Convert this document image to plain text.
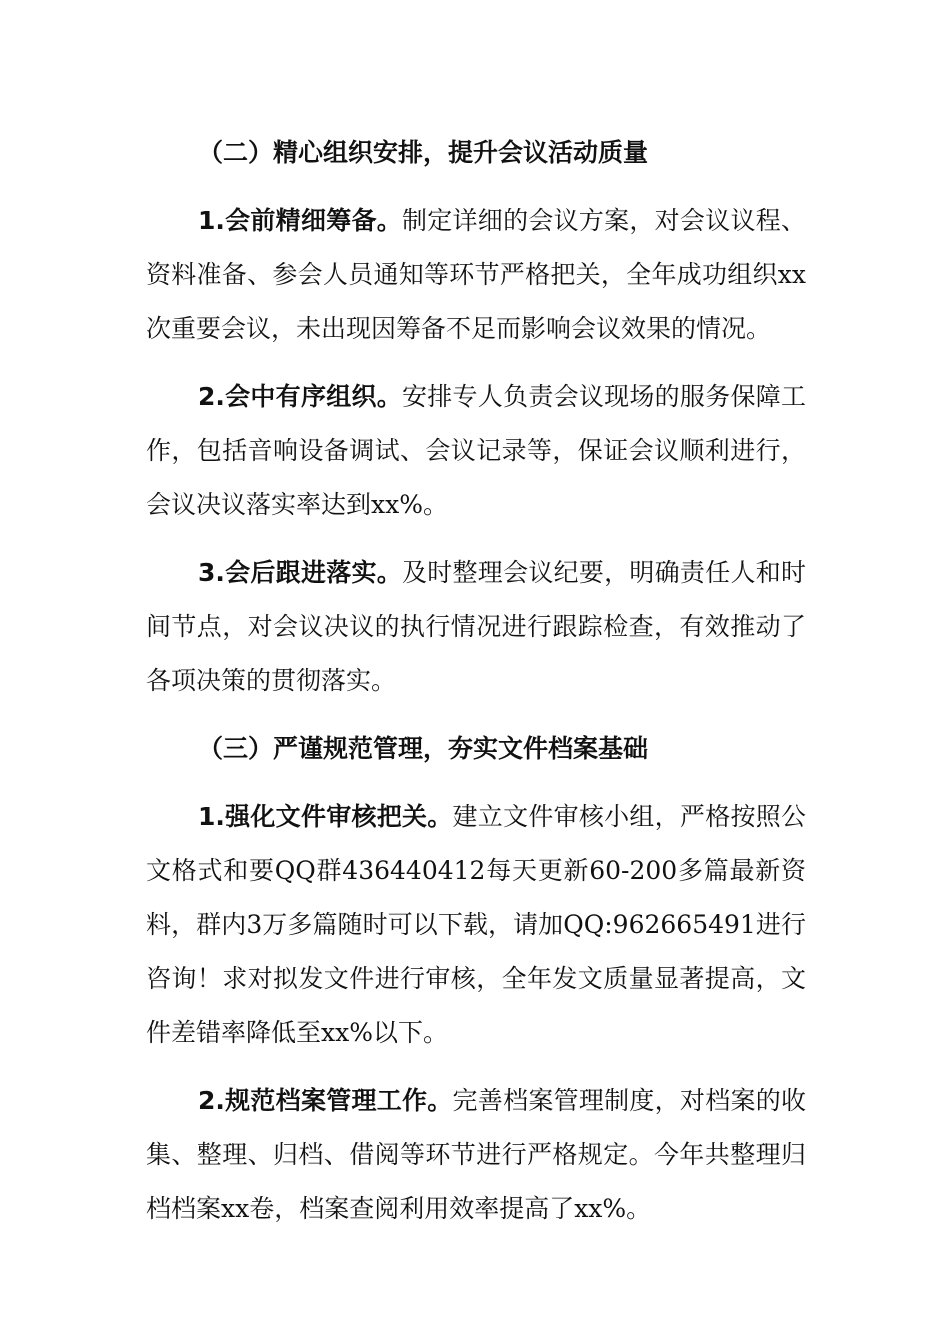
（二）精心组织安排，提升会议活动质量

1.会前精细筹备。制定详细的会议方案，对会议议程、资料准备、参会人员通知等环节严格把关，全年成功组织xx次重要会议，未出现因筹备不足而影响会议效果的情况。

2.会中有序组织。安排专人负责会议现场的服务保障工作，包括音响设备调试、会议记录等，保证会议顺利进行，会议决议落实率达到xx%。

3.会后跟进落实。及时整理会议纪要，明确责任人和时间节点，对会议决议的执行情况进行跟踪检查，有效推动了各项决策的贯彻落实。

（三）严谨规范管理，夯实文件档案基础

1.强化文件审核把关。建立文件审核小组，严格按照公文格式和要QQ群436440412每天更新60-200多篇最新资料，群内3万多篇随时可以下载，请加QQ:962665491进行咨询！求对拟发文件进行审核，全年发文质量显著提高，文件差错率降低至xx%以下。

2.规范档案管理工作。完善档案管理制度，对档案的收集、整理、归档、借阅等环节进行严格规定。今年共整理归档档案xx卷，档案查阅利用效率提高了xx%。
